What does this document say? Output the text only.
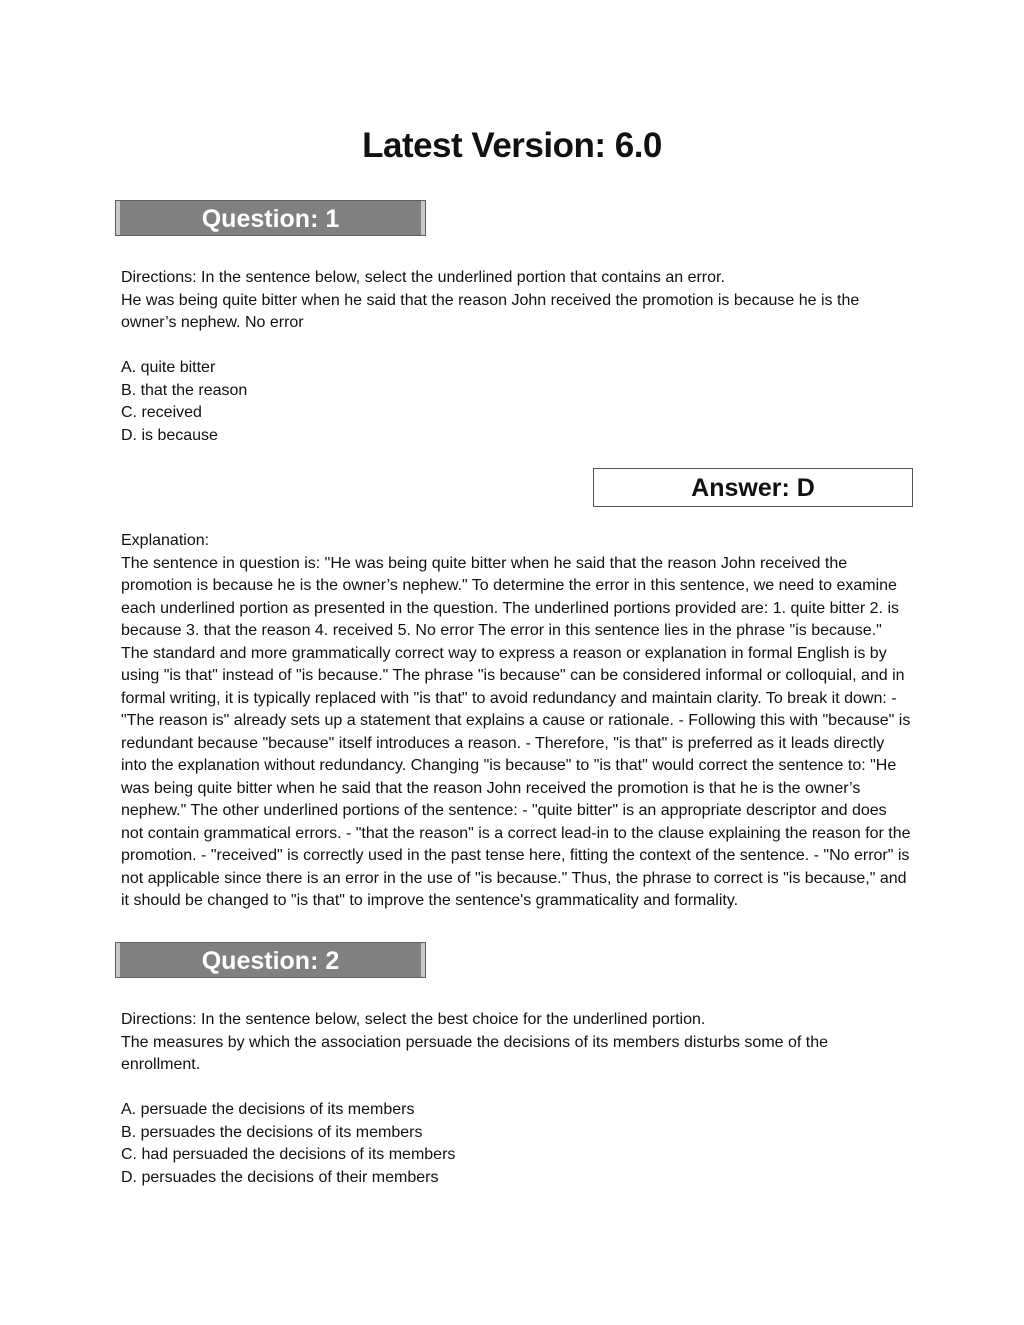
Latest Version: 6.0
Question: 1

Directions: In the sentence below, select the underlined portion that contains an error.

He was being quite bitter when he said that the reason John received the promotion is because he is the owner’s nephew. No error

A. quite bitter
B. that the reason
C. received
D. is because
Answer: D

Explanation:

The sentence in question is: "He was being quite bitter when he said that the reason John received the promotion is because he is the owner’s nephew." To determine the error in this sentence, we need to examine each underlined portion as presented in the question. The underlined portions provided are: 1. quite bitter 2. is because 3. that the reason 4. received 5. No error The error in this sentence lies in the phrase "is because." The standard and more grammatically correct way to express a reason or explanation in formal English is by using "is that" instead of "is because." The phrase "is because" can be considered informal or colloquial, and in formal writing, it is typically replaced with "is that" to avoid redundancy and maintain clarity. To break it down: - "The reason is" already sets up a statement that explains a cause or rationale. - Following this with "because" is redundant because "because" itself introduces a reason. - Therefore, "is that" is preferred as it leads directly into the explanation without redundancy. Changing "is because" to "is that" would correct the sentence to: "He was being quite bitter when he said that the reason John received the promotion is that he is the owner’s nephew." The other underlined portions of the sentence: - "quite bitter" is an appropriate descriptor and does not contain grammatical errors. - "that the reason" is a correct lead-in to the clause explaining the reason for the promotion. - "received" is correctly used in the past tense here, fitting the context of the sentence. - "No error" is not applicable since there is an error in the use of "is because." Thus, the phrase to correct is "is because," and it should be changed to "is that" to improve the sentence's grammaticality and formality.

Question: 2

Directions: In the sentence below, select the best choice for the underlined portion.

The measures by which the association persuade the decisions of its members disturbs some of the enrollment.

A. persuade the decisions of its members
B. persuades the decisions of its members
C. had persuaded the decisions of its members
D. persuades the decisions of their members
